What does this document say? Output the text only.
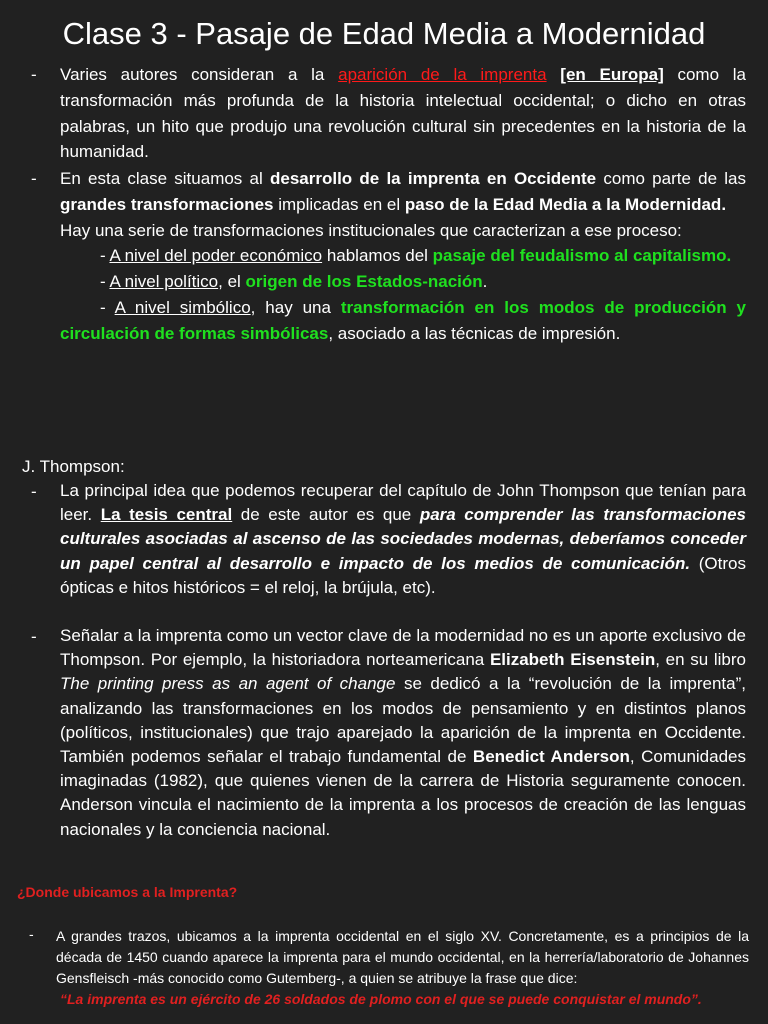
Clase 3 - Pasaje de Edad Media a Modernidad
- Varies autores consideran a la aparición de la imprenta [en Europa] como la transformación más profunda de la historia intelectual occidental; o dicho en otras palabras, un hito que produjo una revolución cultural sin precedentes en la historia de la humanidad.
- En esta clase situamos al desarrollo de la imprenta en Occidente como parte de las grandes transformaciones implicadas en el paso de la Edad Media a la Modernidad.
Hay una serie de transformaciones institucionales que caracterizan a ese proceso:
- A nivel del poder económico hablamos del pasaje del feudalismo al capitalismo.
- A nivel político, el origen de los Estados-nación.
- A nivel simbólico, hay una transformación en los modos de producción y circulación de formas simbólicas, asociado a las técnicas de impresión.
J. Thompson:
- La principal idea que podemos recuperar del capítulo de John Thompson que tenían para leer. La tesis central de este autor es que para comprender las transformaciones culturales asociadas al ascenso de las sociedades modernas, deberíamos conceder un papel central al desarrollo e impacto de los medios de comunicación. (Otros ópticas e hitos históricos = el reloj, la brújula, etc).
- Señalar a la imprenta como un vector clave de la modernidad no es un aporte exclusivo de Thompson. Por ejemplo, la historiadora norteamericana Elizabeth Eisenstein, en su libro The printing press as an agent of change se dedicó a la “revolución de la imprenta”, analizando las transformaciones en los modos de pensamiento y en distintos planos (políticos, institucionales) que trajo aparejado la aparición de la imprenta en Occidente. También podemos señalar el trabajo fundamental de Benedict Anderson, Comunidades imaginadas (1982), que quienes vienen de la carrera de Historia seguramente conocen. Anderson vincula el nacimiento de la imprenta a los procesos de creación de las lenguas nacionales y la conciencia nacional.
¿Donde ubicamos a la Imprenta?
- A grandes trazos, ubicamos a la imprenta occidental en el siglo XV. Concretamente, es a principios de la década de 1450 cuando aparece la imprenta para el mundo occidental, en la herrería/laboratorio de Johannes Gensfleisch -más conocido como Gutemberg-, a quien se atribuye la frase que dice:
“La imprenta es un ejército de 26 soldados de plomo con el que se puede conquistar el mundo”.
